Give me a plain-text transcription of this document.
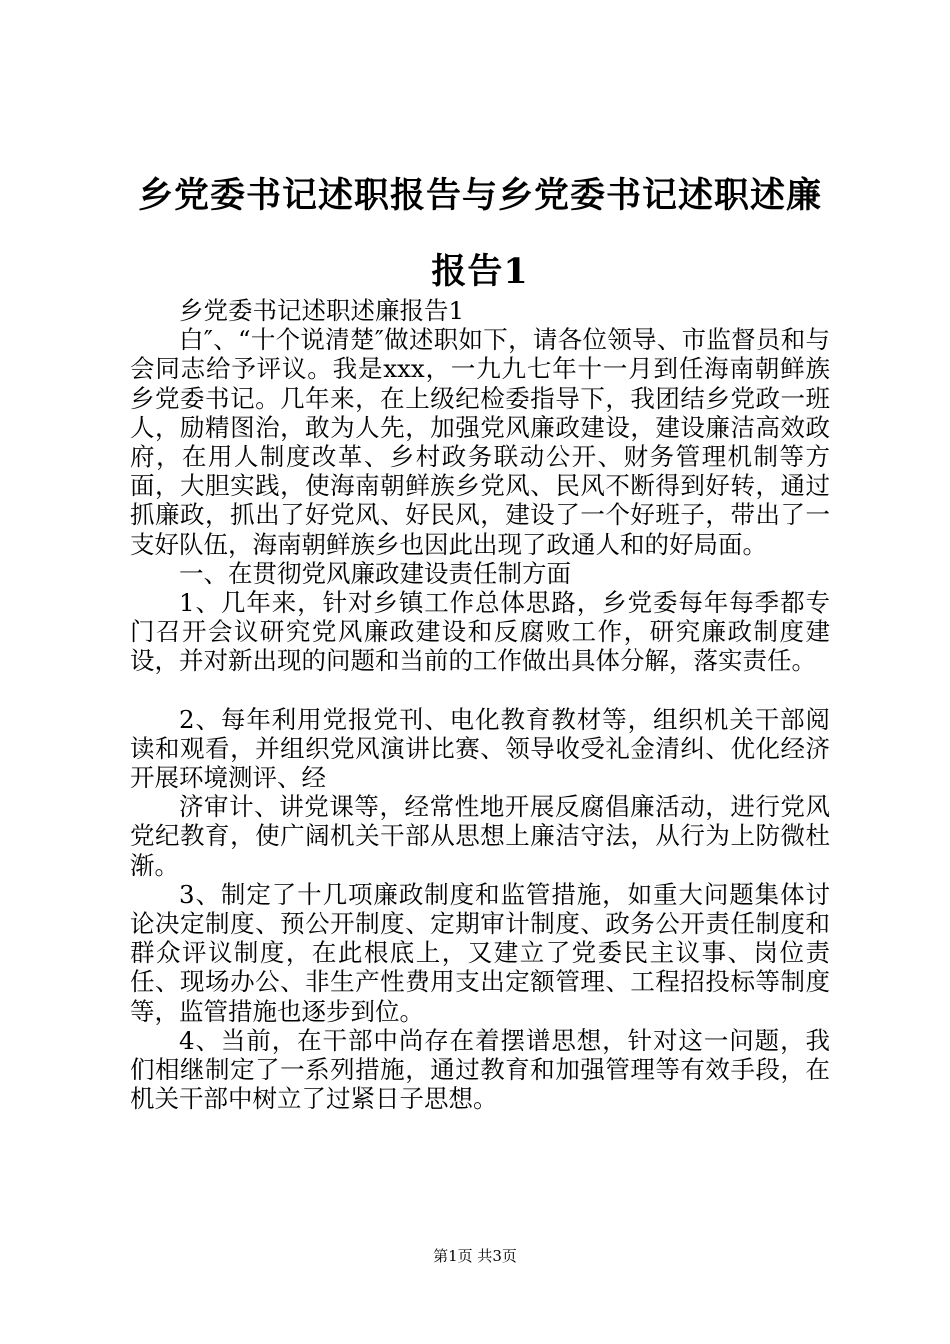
乡党委书记述职报告与乡党委书记述职述廉报告1

乡党委书记述职述廉报告1

白″、“十个说清楚″做述职如下，请各位领导、市监督员和与会同志给予评议。我是xxx，一九九七年十一月到任海南朝鲜族乡党委书记。几年来，在上级纪检委指导下，我团结乡党政一班人，励精图治，敢为人先，加强党风廉政建设，建设廉洁高效政府，在用人制度改革、乡村政务联动公开、财务管理机制等方面，大胆实践，使海南朝鲜族乡党风、民风不断得到好转，通过抓廉政，抓出了好党风、好民风，建设了一个好班子，带出了一支好队伍，海南朝鲜族乡也因此出现了政通人和的好局面。

一、在贯彻党风廉政建设责任制方面

1、几年来，针对乡镇工作总体思路，乡党委每年每季都专门召开会议研究党风廉政建设和反腐败工作，研究廉政制度建设，并对新出现的问题和当前的工作做出具体分解，落实责任。

2、每年利用党报党刊、电化教育教材等，组织机关干部阅读和观看，并组织党风演讲比赛、领导收受礼金清纠、优化经济开展环境测评、经

济审计、讲党课等，经常性地开展反腐倡廉活动，进行党风党纪教育，使广阔机关干部从思想上廉洁守法，从行为上防微杜渐。

3、制定了十几项廉政制度和监管措施，如重大问题集体讨论决定制度、预公开制度、定期审计制度、政务公开责任制度和群众评议制度，在此根底上，又建立了党委民主议事、岗位责任、现场办公、非生产性费用支出定额管理、工程招投标等制度等，监管措施也逐步到位。

4、当前，在干部中尚存在着摆谱思想，针对这一问题，我们相继制定了一系列措施，通过教育和加强管理等有效手段，在机关干部中树立了过紧日子思想。

第1页 共3页
